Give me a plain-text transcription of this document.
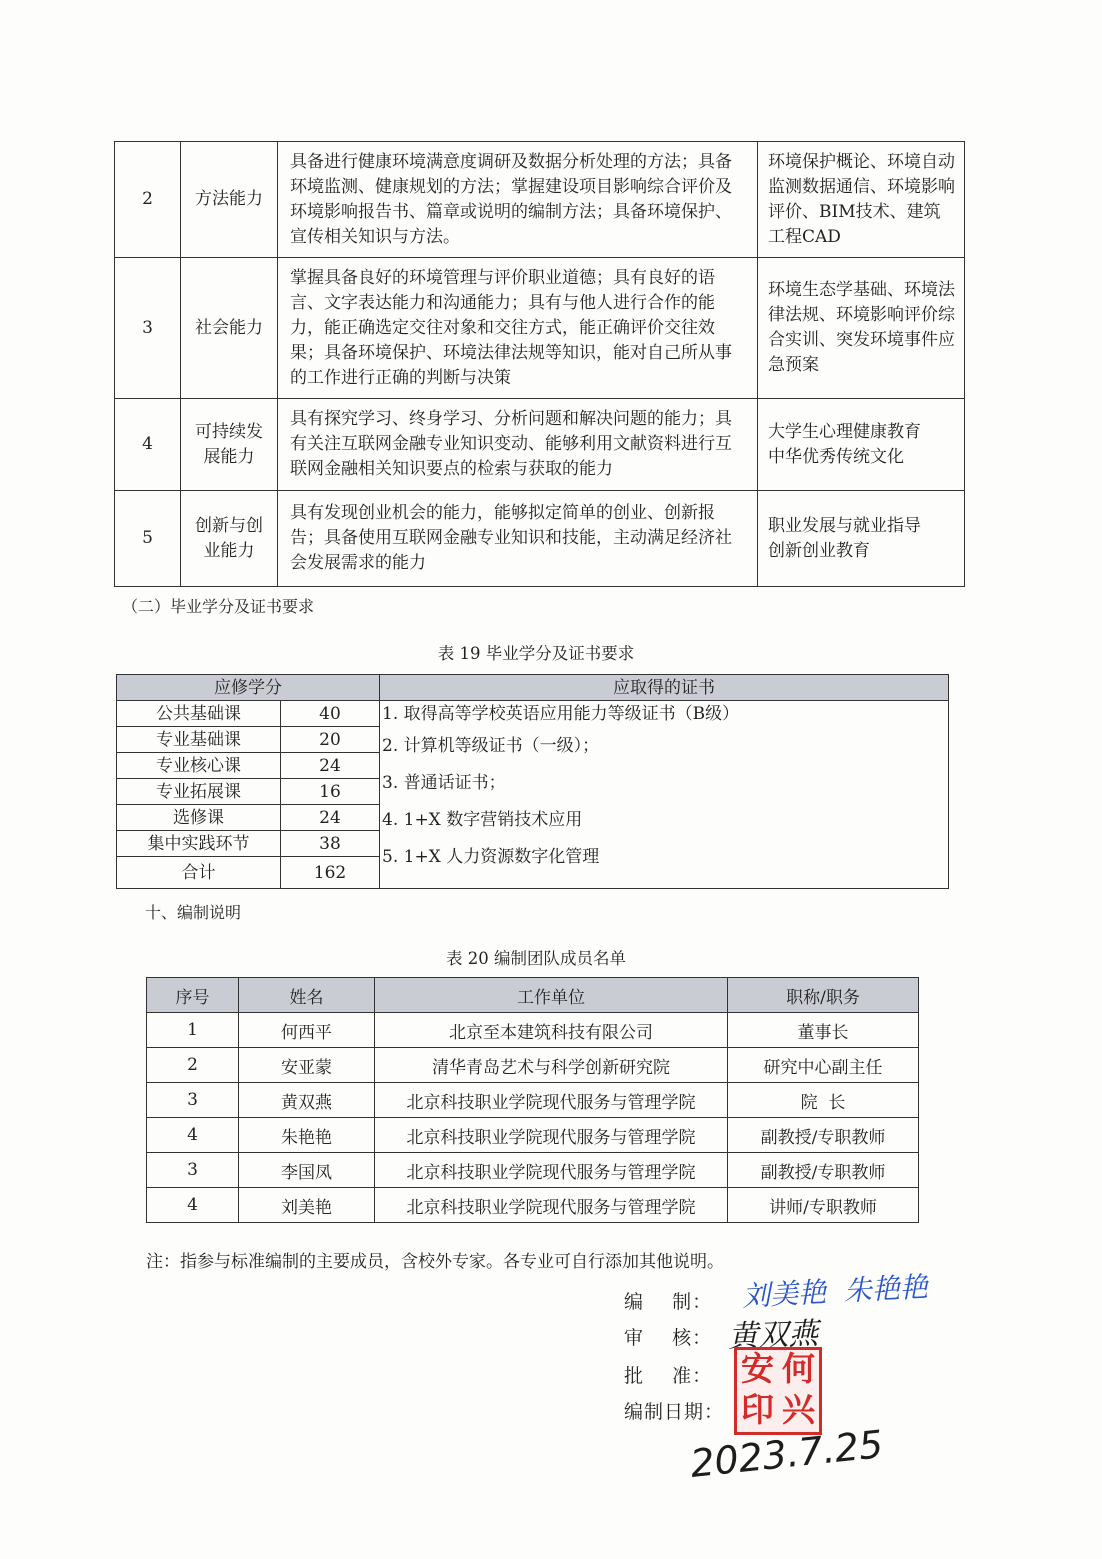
2	方法能力	具备进行健康环境满意度调研及数据分析处理的方法；具备环境监测、健康规划的方法；掌握建设项目影响综合评价及环境影响报告书、篇章或说明的编制方法；具备环境保护、宣传相关知识与方法。	环境保护概论、环境自动监测数据通信、环境影响评价、BIM技术、建筑工程CAD
3	社会能力	掌握具备良好的环境管理与评价职业道德；具有良好的语言、文字表达能力和沟通能力；具有与他人进行合作的能力，能正确选定交往对象和交往方式，能正确评价交往效果；具备环境保护、环境法律法规等知识，能对自己所从事的工作进行正确的判断与决策	环境生态学基础、环境法律法规、环境影响评价综合实训、突发环境事件应急预案
4	可持续发展能力	具有探究学习、终身学习、分析问题和解决问题的能力；具有关注互联网金融专业知识变动、能够利用文献资料进行互联网金融相关知识要点的检索与获取的能力	大学生心理健康教育
中华优秀传统文化
5	创新与创业能力	具有发现创业机会的能力，能够拟定简单的创业、创新报告；具备使用互联网金融专业知识和技能，主动满足经济社会发展需求的能力	职业发展与就业指导
创新创业教育
（二）毕业学分及证书要求
表 19 毕业学分及证书要求
应修学分		应取得的证书
公共基础课	40	1. 取得高等学校英语应用能力等级证书（B级）
2. 计算机等级证书（一级）；
3. 普通话证书；
4. 1+X 数字营销技术应用
5. 1+X 人力资源数字化管理

专业基础课	20	
专业核心课	24	
专业拓展课	16	
选修课	24	
集中实践环节	38	
合计	162	
十、编制说明
表 20 编制团队成员名单
序号	姓名	工作单位	职称/职务
1	何西平	北京至本建筑科技有限公司	董事长
2	安亚蒙	清华青岛艺术与科学创新研究院	研究中心副主任
3	黄双燕	北京科技职业学院现代服务与管理学院	院  长
4	朱艳艳	北京科技职业学院现代服务与管理学院	副教授/专职教师
3	李国凤	北京科技职业学院现代服务与管理学院	副教授/专职教师
4	刘美艳	北京科技职业学院现代服务与管理学院	讲师/专职教师
注：指参与标准编制的主要成员，含校外专家。各专业可自行添加其他说明。
编    制：
审    核：
批    准：
编制日期：
刘美艳  朱艳艳
黄双燕
安 何
印 兴
2023.7.25
